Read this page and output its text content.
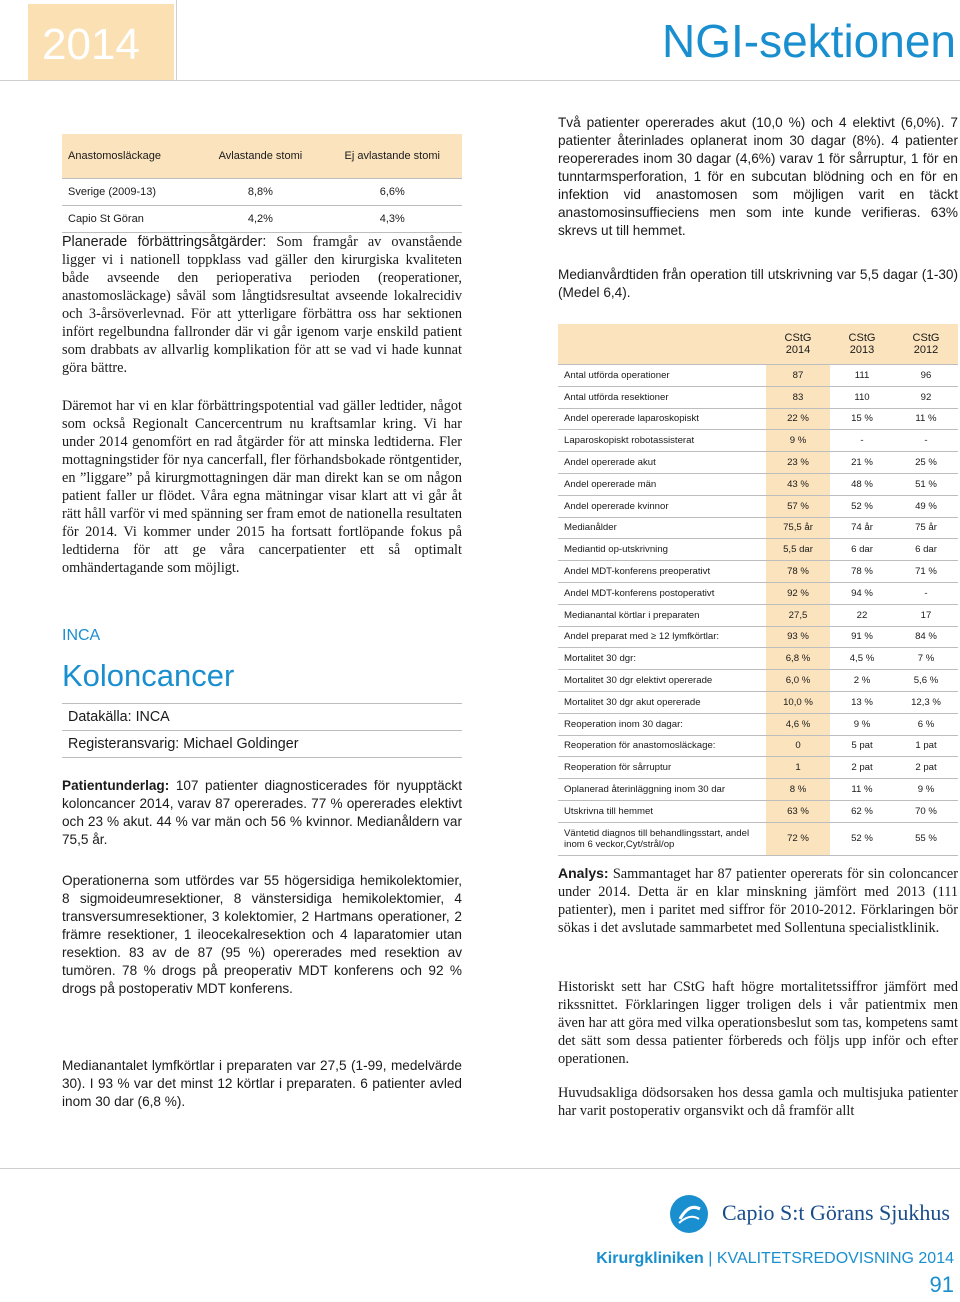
2014	NGI-sektionen
Anastomosläckage	Avlastande stomi	Ej avlastande stomi
Sverige (2009-13)	8,8%	6,6%
Capio St Göran	4,2%	4,3%
Planerade förbättringsåtgärder: Som framgår av ovanstående ligger vi i nationell toppklass vad gäller den kirurgiska kvaliteten både avseende den perioperativa perioden (reoperationer, anastomosläckage) såväl som långtidsresultat avseende lokalrecidiv och 3-årsöverlevnad. För att ytterligare förbättra oss har sektionen infört regelbundna fallronder där vi går igenom varje enskild patient som drabbats av allvarlig komplikation för att se vad vi hade kunnat göra bättre.
Däremot har vi en klar förbättringspotential vad gäller ledtider, något som också Regionalt Cancercentrum nu kraftsamlar kring. Vi har under 2014 genomfört en rad åtgärder för att minska ledtiderna. Fler mottagningstider för nya cancerfall, fler förhandsbokade röntgentider, en ”liggare” på kirurgmottagningen där man direkt kan se om någon patient faller ur flödet. Våra egna mätningar visar klart att vi går åt rätt håll varför vi med spänning ser fram emot de nationella resultaten för 2014. Vi kommer under 2015 ha fortsatt fortlöpande fokus på ledtiderna för att ge våra cancerpatienter ett så optimalt omhändertagande som möjligt.
INCA
Koloncancer
Datakälla: INCA
Registeransvarig: Michael Goldinger
Patientunderlag: 107 patienter diagnosticerades för nyupptäckt koloncancer 2014, varav 87 opererades. 77 % opererades elektivt och 23 % akut. 44 % var män och 56 % kvinnor. Medianåldern var 75,5 år.
Operationerna som utfördes var 55 högersidiga hemikolektomier, 8 sigmoideumresektioner, 8 vänstersidiga hemikolektomier, 4 transversumresektioner, 3 kolektomier, 2 Hartmans operationer, 2 främre resektioner, 1 ileocekalresektion och 4 laparatomier utan resektion. 83 av de 87 (95 %) opererades med resektion av tumören. 78 % drogs på preoperativ MDT konferens och 92 % drogs på postoperativ MDT konferens.
Medianantalet lymfkörtlar i preparaten var 27,5 (1-99, medelvärde 30). I 93 % var det minst 12 körtlar i preparaten. 6 patienter avled inom 30 dar (6,8 %).
Två patienter opererades akut (10,0 %) och 4 elektivt (6,0%). 7 patienter återinlades oplanerat inom 30 dagar (8%). 4 patienter reopererades inom 30 dagar (4,6%) varav 1 för sårruptur, 1 för en tunntarmsperforation, 1 för en subcutan blödning och en för en infektion vid anastomosen som möjligen varit en täckt anastomosinsuffieciens men som inte kunde verifieras. 63% skrevs ut till hemmet.
Medianvårdtiden från operation till utskrivning var 5,5 dagar (1-30) (Medel 6,4).
	CStG 2014	CStG 2013	CStG 2012
Antal utförda operationer	87	111	96
Antal utförda resektioner	83	110	92
Andel opererade laparoskopiskt	22 %	15 %	11 %
Laparoskopiskt robotassisterat	9 %	-	-
Andel opererade akut	23 %	21 %	25 %
Andel opererade män	43 %	48 %	51 %
Andel opererade kvinnor	57 %	52 %	49 %
Medianålder	75,5 år	74 år	75 år
Mediantid op-utskrivning	5,5 dar	6 dar	6 dar
Andel MDT-konferens preoperativt	78 %	78 %	71 %
Andel MDT-konferens postoperativt	92 %	94 %	-
Medianantal körtlar i preparaten	27,5	22	17
Andel preparat med ≥ 12 lymfkörtlar:	93 %	91 %	84 %
Mortalitet 30 dgr:	6,8 %	4,5 %	7 %
Mortalitet 30 dgr elektivt opererade	6,0 %	2 %	5,6 %
Mortalitet 30 dgr akut opererade	10,0 %	13 %	12,3 %
Reoperation inom 30 dagar:	4,6 %	9 %	6 %
Reoperation för anastomosläckage:	0	5 pat	1 pat
Reoperation för sårruptur	1	2 pat	2 pat
Oplanerad återinläggning inom 30 dar	8 %	11 %	9 %
Utskrivna till hemmet	63 %	62 %	70 %
Väntetid diagnos till behandlingsstart, andel inom 6 veckor,Cyt/strål/op	72 %	52 %	55 %
Analys: Sammantaget har 87 patienter opererats för sin coloncancer under 2014. Detta är en klar minskning jämfört med 2013 (111 patienter), men i paritet med siffror för 2010-2012. Förklaringen bör sökas i det avslutade sammarbetet med Sollentuna specialistklinik.
Historiskt sett har CStG haft högre mortalitetssiffror jämfört med rikssnittet. Förklaringen ligger troligen dels i vår patientmix men även har att göra med vilka operationsbeslut som tas, kompetens samt det sätt som dessa patienter förbereds och följs upp inför och efter operationen.
Huvudsakliga dödsorsaken hos dessa gamla och multisjuka patienter har varit postoperativ organsvikt och då framför allt
Capio S:t Görans Sjukhus
Kirurgkliniken | KVALITETSREDOVISNING 2014
91
